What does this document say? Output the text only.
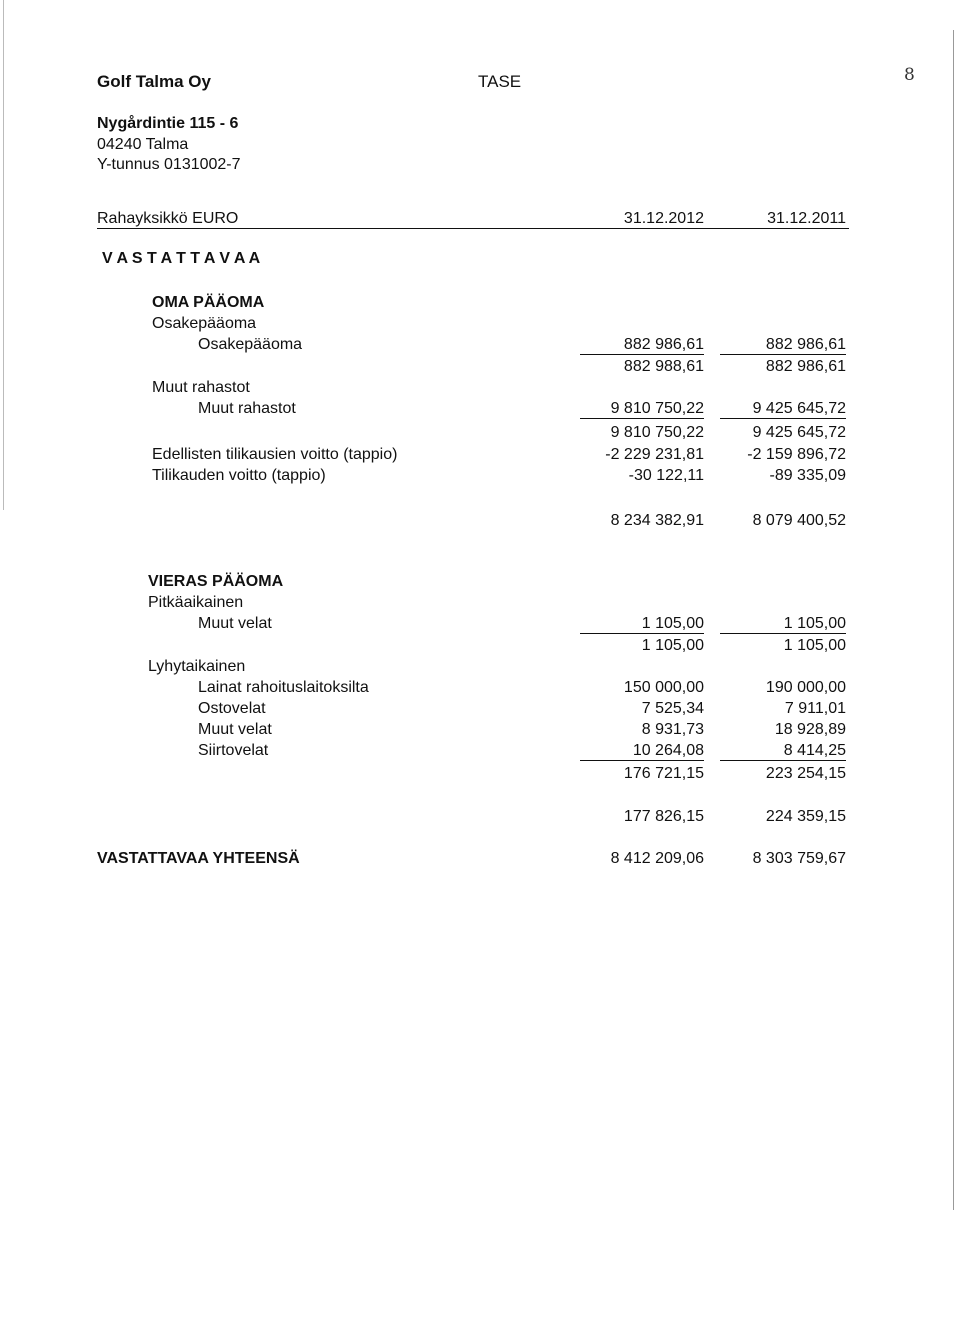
Golf Talma Oy	TASE	8
Nygårdintie 115 - 6
04240 Talma
Y-tunnus 0131002-7
Rahayksikkö EURO	31.12.2012	31.12.2011
V A S T A T T A V A A
OMA PÄÄOMA
Osakepääoma
Osakepääoma	882 986,61	882 986,61
882 988,61	882 986,61
Muut rahastot
Muut rahastot	9 810 750,22	9 425 645,72
9 810 750,22	9 425 645,72
Edellisten tilikausien voitto (tappio)	-2 229 231,81	-2 159 896,72
Tilikauden voitto (tappio)	-30 122,11	-89 335,09
8 234 382,91	8 079 400,52
VIERAS PÄÄOMA
Pitkäaikainen
Muut velat	1 105,00	1 105,00
1 105,00	1 105,00
Lyhytaikainen
Lainat rahoituslaitoksilta	150 000,00	190 000,00
Ostovelat	7 525,34	7 911,01
Muut velat	8 931,73	18 928,89
Siirtovelat	10 264,08	8 414,25
176 721,15	223 254,15
177 826,15	224 359,15
VASTATTAVAA YHTEENSÄ	8 412 209,06	8 303 759,67
